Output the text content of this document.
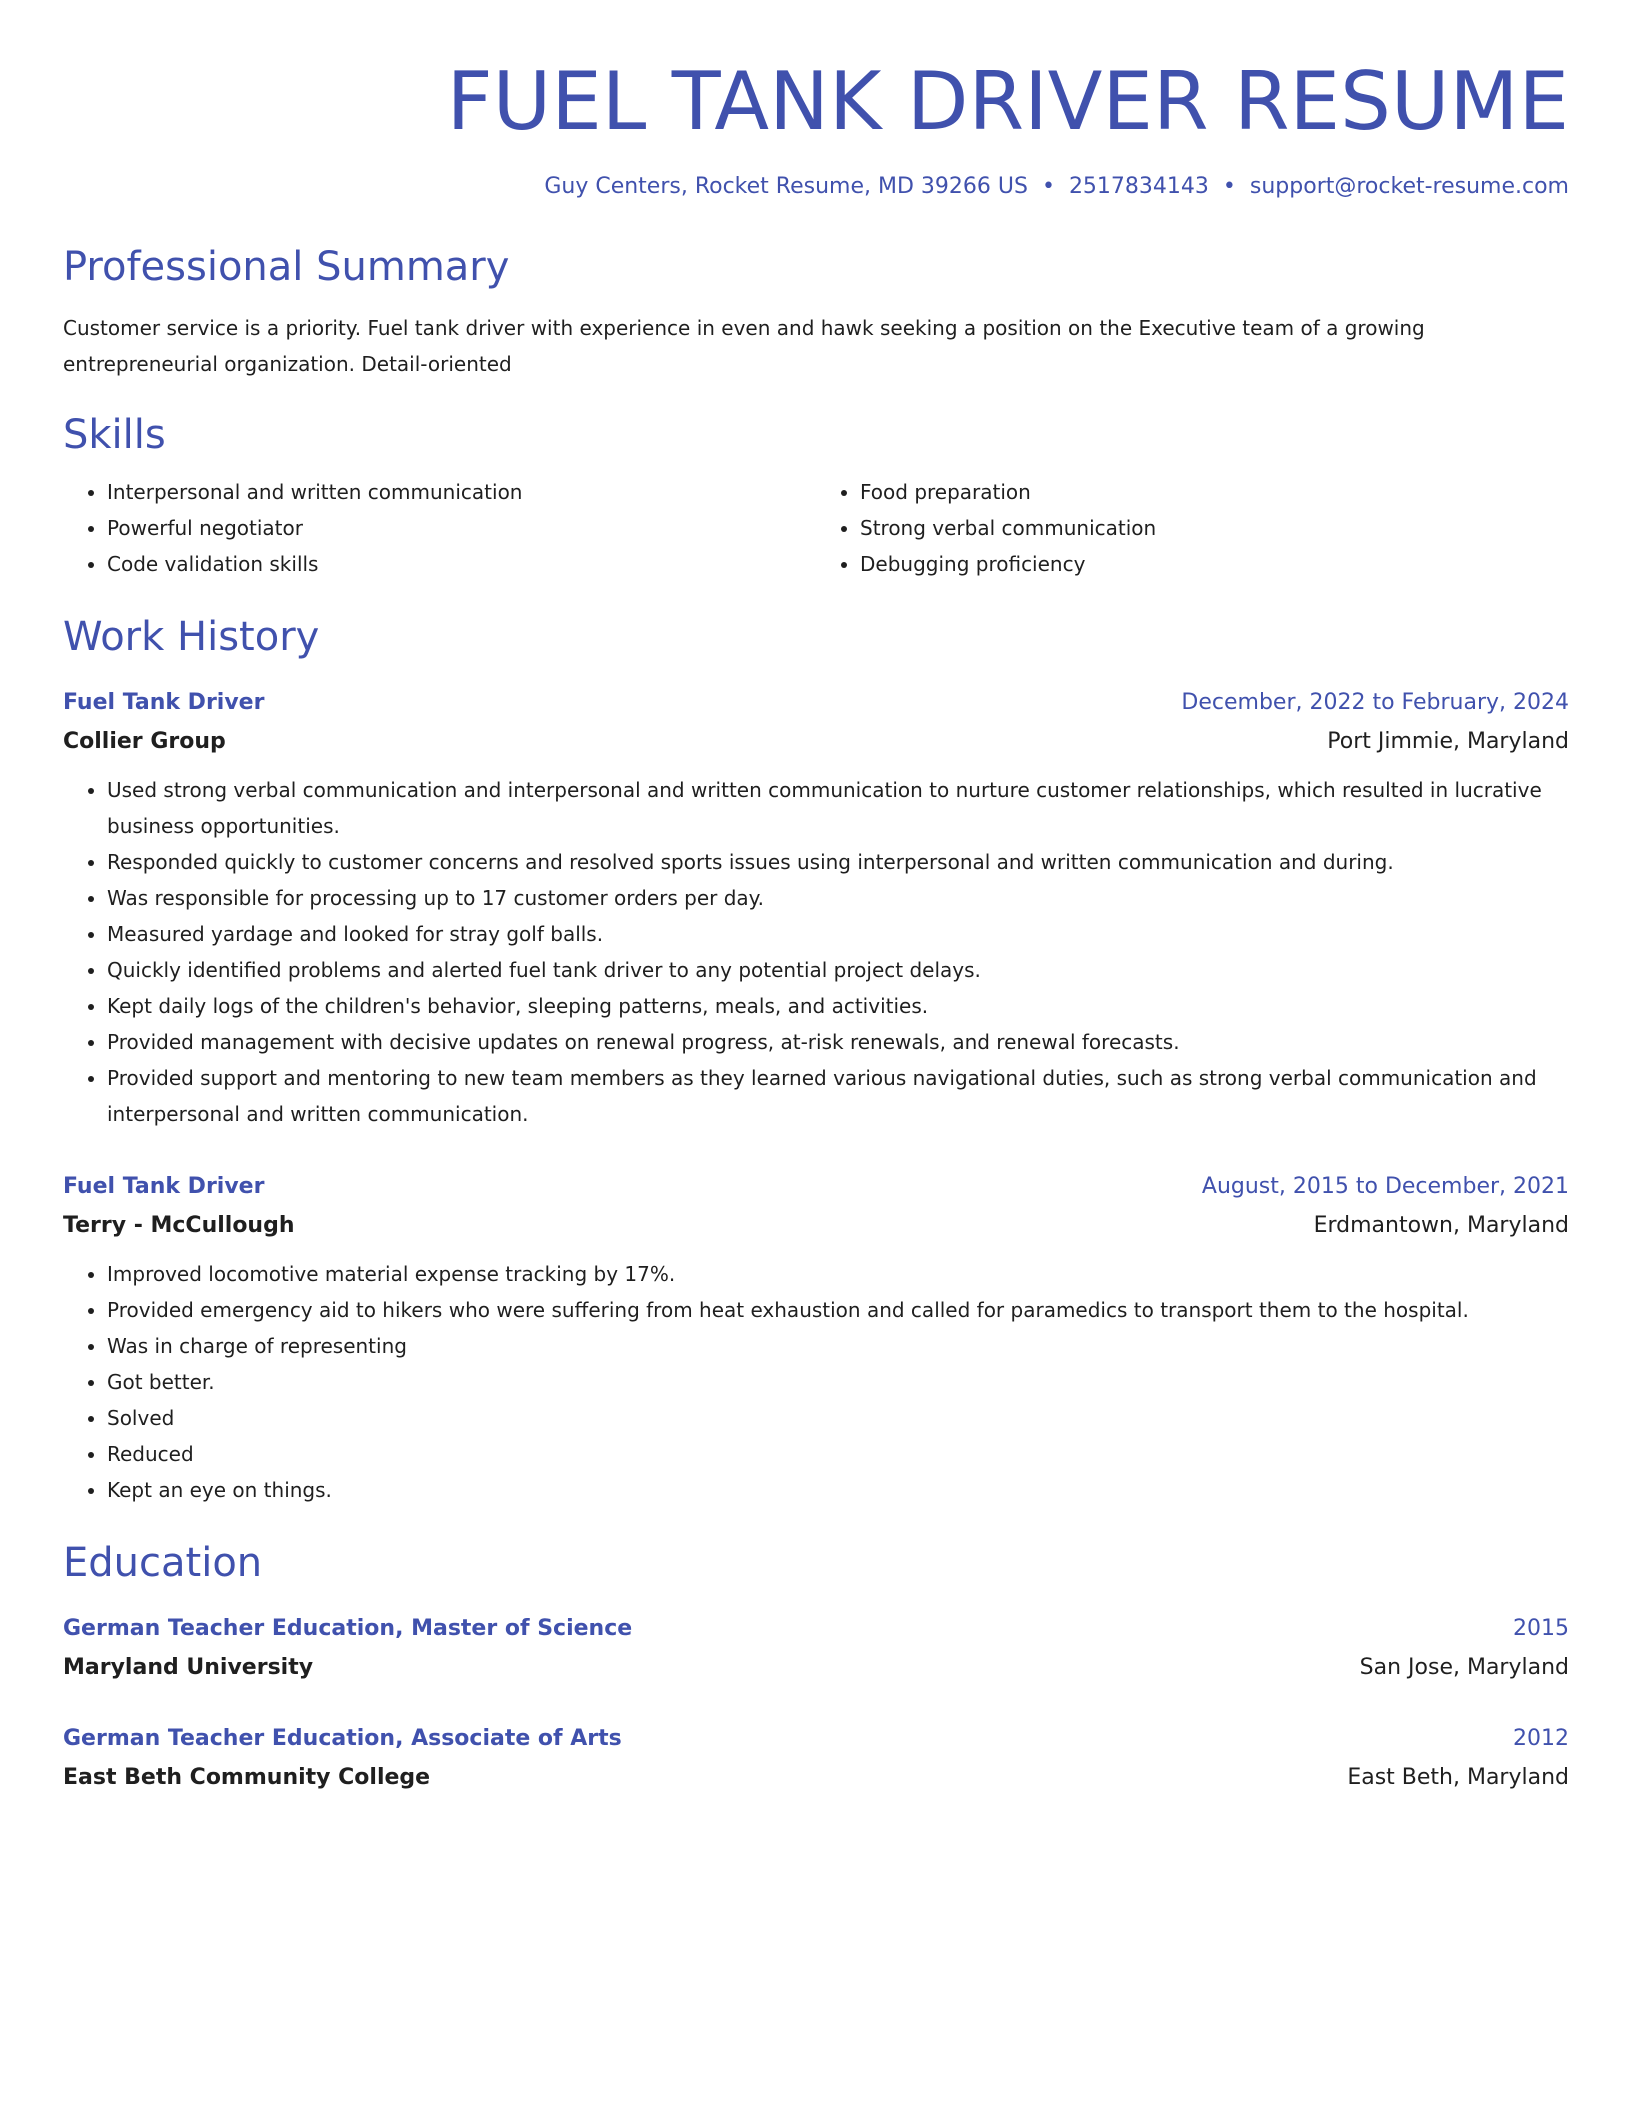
FUEL TANK DRIVER RESUME
Guy Centers, Rocket Resume, MD 39266 US • 2517834143 • support@rocket-resume.com
Professional Summary

Customer service is a priority. Fuel tank driver with experience in even and hawk seeking a position on the Executive team of a growing entrepreneurial organization. Detail-oriented

Skills
• Interpersonal and written communication
• Powerful negotiator
• Code validation skills
• Food preparation
• Strong verbal communication
• Debugging proficiency
Work History
Fuel Tank Driver	December, 2022 to February, 2024
Collier Group	Port Jimmie, Maryland
• Used strong verbal communication and interpersonal and written communication to nurture customer relationships, which resulted in lucrative business opportunities.
• Responded quickly to customer concerns and resolved sports issues using interpersonal and written communication and during.
• Was responsible for processing up to 17 customer orders per day.
• Measured yardage and looked for stray golf balls.
• Quickly identified problems and alerted fuel tank driver to any potential project delays.
• Kept daily logs of the children's behavior, sleeping patterns, meals, and activities.
• Provided management with decisive updates on renewal progress, at-risk renewals, and renewal forecasts.
• Provided support and mentoring to new team members as they learned various navigational duties, such as strong verbal communication and interpersonal and written communication.
Fuel Tank Driver	August, 2015 to December, 2021
Terry - McCullough	Erdmantown, Maryland
• Improved locomotive material expense tracking by 17%.
• Provided emergency aid to hikers who were suffering from heat exhaustion and called for paramedics to transport them to the hospital.
• Was in charge of representing
• Got better.
• Solved
• Reduced
• Kept an eye on things.
Education
German Teacher Education, Master of Science	2015
Maryland University	San Jose, Maryland
German Teacher Education, Associate of Arts	2012
East Beth Community College	East Beth, Maryland
